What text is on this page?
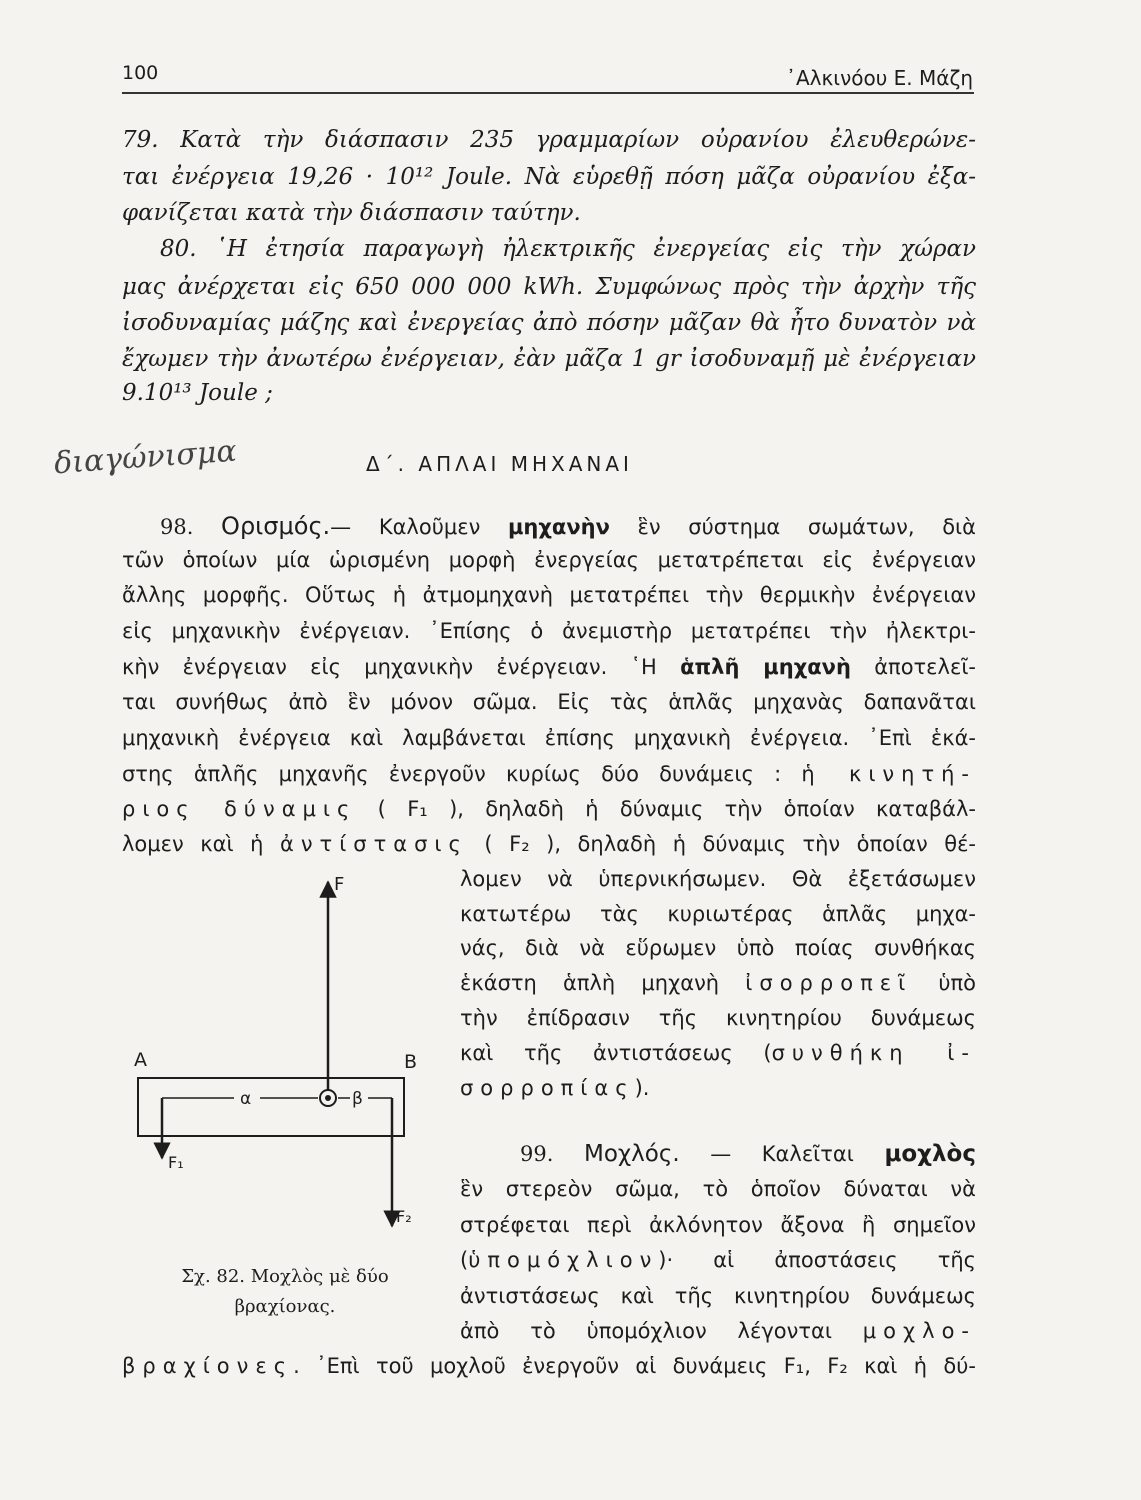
100	᾿Αλκινόου Ε. Μάζη
79. Κατὰ τὴν διάσπασιν 235 γραμμαρίων οὐρανίου ἐλευθερώνε-
ται ἐνέργεια 19,26 · 10¹² Joule. Νὰ εὑρεθῇ πόση μᾶζα οὐρανίου ἐξα-
φανίζεται κατὰ τὴν διάσπασιν ταύτην.
80. ῾Η ἐτησία παραγωγὴ ἠλεκτρικῆς ἐνεργείας εἰς τὴν χώραν
μας ἀνέρχεται εἰς 650 000 000 kWh. Συμφώνως πρὸς τὴν ἀρχὴν τῆς
ἰσοδυναμίας μάζης καὶ ἐνεργείας ἀπὸ πόσην μᾶζαν θὰ ἦτο δυνατὸν νὰ
ἔχωμεν τὴν ἀνωτέρω ἐνέργειαν, ἐὰν μᾶζα 1 gr ἰσοδυναμῇ μὲ ἐνέργειαν
9.10¹³ Joule ;
διαγώνισμα	Δ΄. ΑΠΛΑΙ ΜΗΧΑΝΑΙ
98. Ορισμός.— Καλοῦμεν μηχανὴν ἓν σύστημα σωμάτων, διὰ
τῶν ὁποίων μία ὡρισμένη μορφὴ ἐνεργείας μετατρέπεται εἰς ἐνέργειαν
ἄλλης μορφῆς. Οὕτως ἡ ἀτμομηχανὴ μετατρέπει τὴν θερμικὴν ἐνέργειαν
εἰς μηχανικὴν ἐνέργειαν. ᾿Επίσης ὁ ἀνεμιστὴρ μετατρέπει τὴν ἠλεκτρι-
κὴν ἐνέργειαν εἰς μηχανικὴν ἐνέργειαν. ῾Η ἁπλῆ μηχανὴ ἀποτελεῖ-
ται συνήθως ἀπὸ ἓν μόνον σῶμα. Εἰς τὰς ἁπλᾶς μηχανὰς δαπανᾶται
μηχανικὴ ἐνέργεια καὶ λαμβάνεται ἐπίσης μηχανικὴ ἐνέργεια. ᾿Επὶ ἑκά-
στης ἁπλῆς μηχανῆς ἐνεργοῦν κυρίως δύο δυνάμεις : ἡ κινητή-
ριος δύναμις ( F₁ ), δηλαδὴ ἡ δύναμις τὴν ὁποίαν καταβάλ-
λομεν καὶ ἡ ἀντίστασις ( F₂ ), δηλαδὴ ἡ δύναμις τὴν ὁποίαν θέ-
λομεν νὰ ὑπερνικήσωμεν. Θὰ ἐξετάσωμεν
κατωτέρω τὰς κυριωτέρας ἁπλᾶς μηχα-
νάς, διὰ νὰ εὕρωμεν ὑπὸ ποίας συνθήκας
ἑκάστη ἁπλὴ μηχανὴ ἰσορροπεῖ ὑπὸ
τὴν ἐπίδρασιν τῆς κινητηρίου δυνάμεως
καὶ τῆς ἀντιστάσεως (συνθήκη ἰ-
σορροπίας).
99. Μοχλός. — Καλεῖται μοχλὸς
ἓν στερεὸν σῶμα, τὸ ὁποῖον δύναται νὰ
στρέφεται περὶ ἀκλόνητον ἄξονα ἢ σημεῖον
(ὑπομόχλιον)· αἱ ἀποστάσεις τῆς
ἀντιστάσεως καὶ τῆς κινητηρίου δυνάμεως
ἀπὸ τὸ ὑπομόχλιον λέγονται μοχλο-
βραχίονες. ᾿Επὶ τοῦ μοχλοῦ ἐνεργοῦν αἱ δυνάμεις F₁, F₂ καὶ ἡ δύ-
F
A	B
α	β
F₁
F₂
Σχ. 82. Μοχλὸς μὲ δύο
βραχίονας.
